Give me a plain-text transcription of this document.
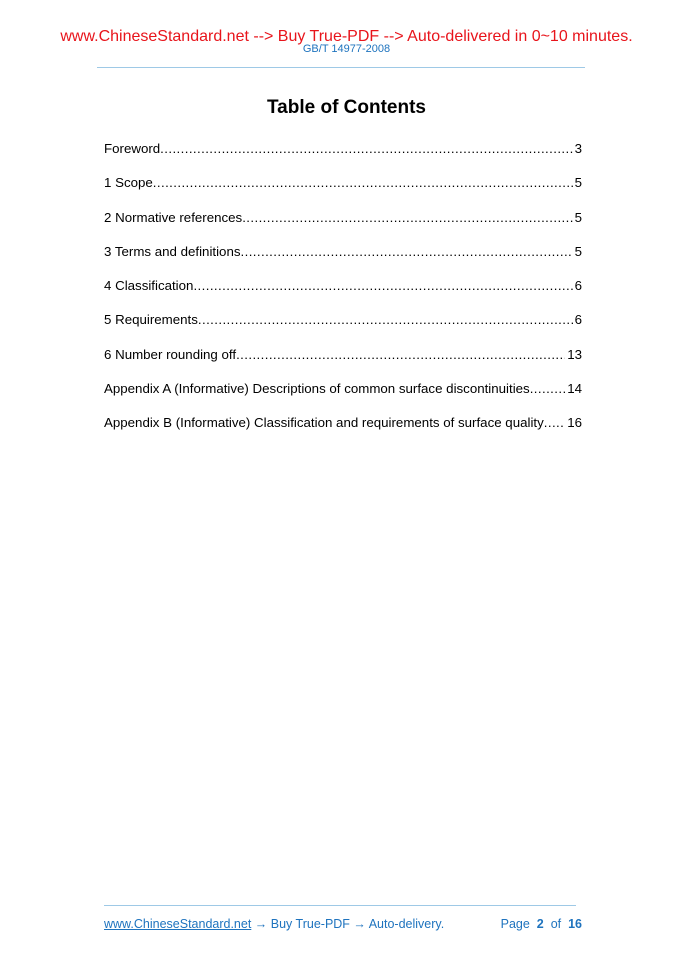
www.ChineseStandard.net --> Buy True-PDF --> Auto-delivered in 0~10 minutes.
GB/T 14977-2008
Table of Contents
Foreword .....	3
1 Scope .....	5
2 Normative references .....	5
3 Terms and definitions .....	5
4 Classification .....	6
5 Requirements .....	6
6 Number rounding off .....	13
Appendix A (Informative) Descriptions of common surface discontinuities .....	14
Appendix B (Informative) Classification and requirements of surface quality ..... 16
www.ChineseStandard.net → Buy True-PDF → Auto-delivery.	Page 2 of 16
